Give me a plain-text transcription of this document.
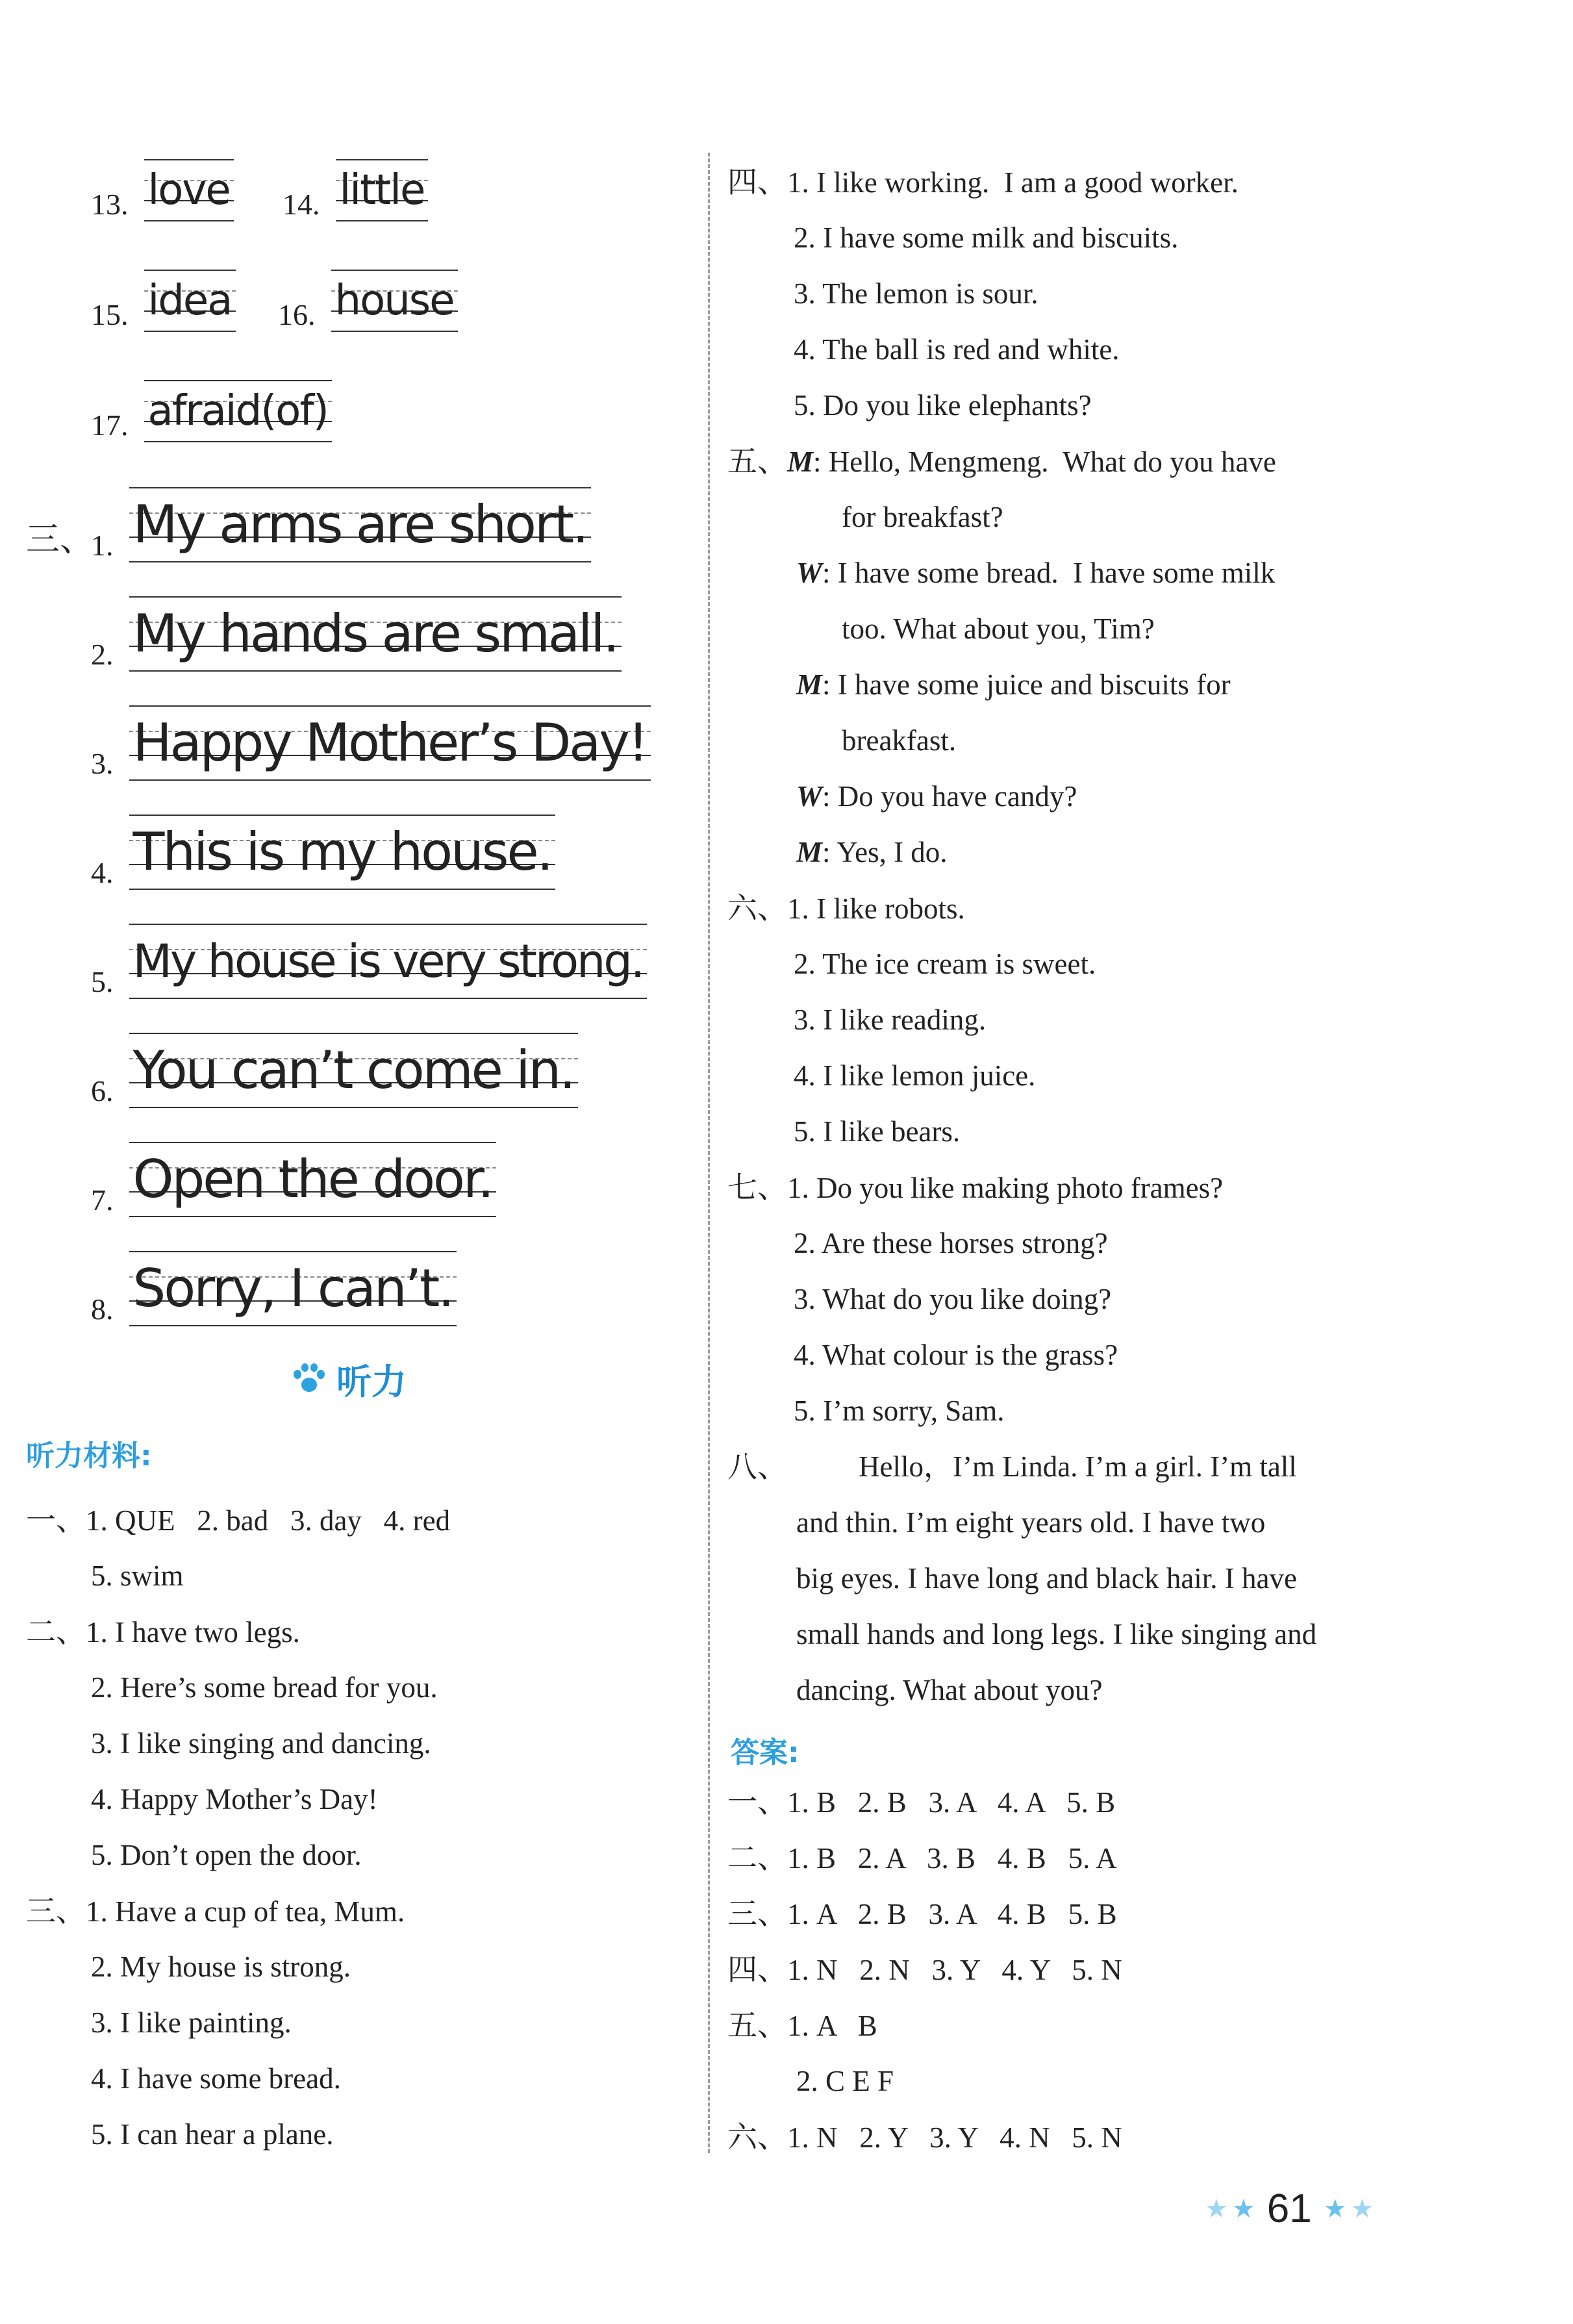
13. love 14. little
15. idea 16. house
17. afraid(of)
三、
1. My arms are short.
2. My hands are small.
3. Happy Mother’s Day!
4. This is my house.
5. My house is very strong.
6. You can’t come in.
7. Open the door.
8. Sorry, I can’t.
听力
听力材料:
一、1. QUE   2. bad   3. day   4. red
5. swim
二、1. I have two legs.
2. Here’s some bread for you.
3. I like singing and dancing.
4. Happy Mother’s Day!
5. Don’t open the door.
三、1. Have a cup of tea, Mum.
2. My house is strong.
3. I like painting.
4. I have some bread.
5. I can hear a plane.
四、1. I like working.  I am a good worker.
2. I have some milk and biscuits.
3. The lemon is sour.
4. The ball is red and white.
5. Do you like elephants?
五、M: Hello, Mengmeng.  What do you have
for breakfast?
W: I have some bread.  I have some milk
too. What about you, Tim?
M: I have some juice and biscuits for
breakfast.
W: Do you have candy?
M: Yes, I do.
六、1. I like robots.
2. The ice cream is sweet.
3. I like reading.
4. I like lemon juice.
5. I like bears.
七、1. Do you like making photo frames?
2. Are these horses strong?
3. What do you like doing?
4. What colour is the grass?
5. I’m sorry, Sam.
八、 Hello，I’m Linda. I’m a girl. I’m tall
and thin. I’m eight years old. I have two
big eyes. I have long and black hair. I have
small hands and long legs. I like singing and
dancing. What about you?
答案:
一、1. B   2. B   3. A   4. A   5. B
二、1. B   2. A   3. B   4. B   5. A
三、1. A   2. B   3. A   4. B   5. B
四、1. N   2. N   3. Y   4. Y   5. N
五、1. A   B
2. C E F
六、1. N   2. Y   3. Y   4. N   5. N
★ ★ 61 ★ ★
